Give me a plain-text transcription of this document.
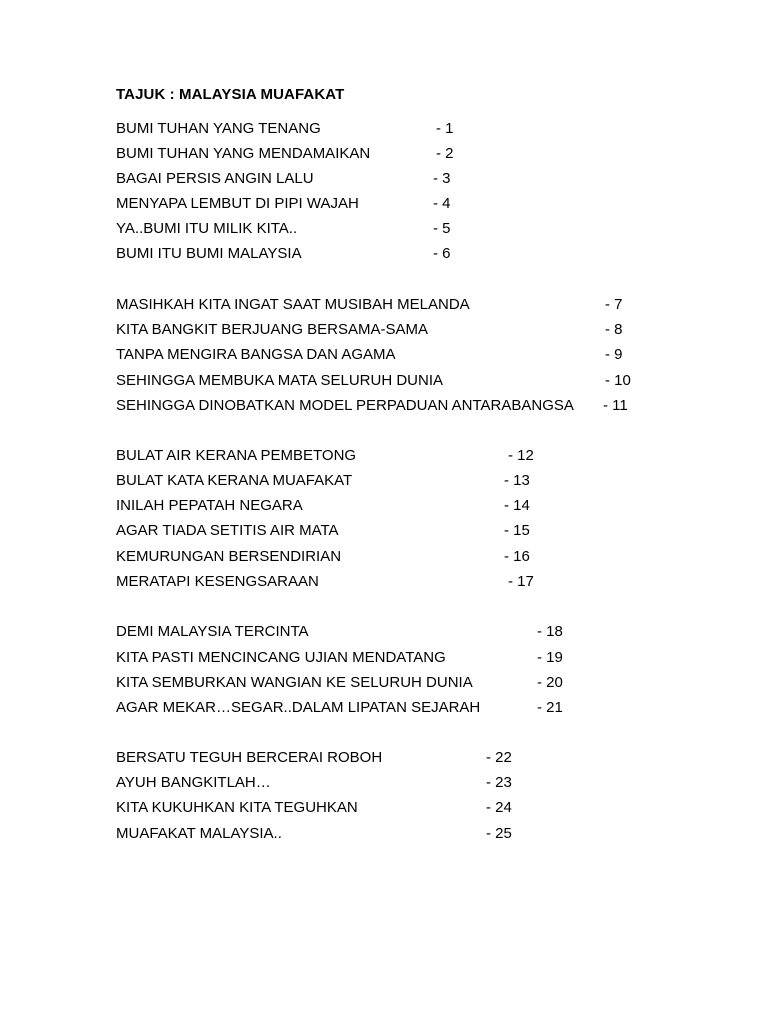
TAJUK : MALAYSIA MUAFAKAT
BUMI TUHAN YANG TENANG	- 1
BUMI TUHAN YANG MENDAMAIKAN	- 2
BAGAI PERSIS ANGIN LALU	- 3
MENYAPA LEMBUT DI PIPI WAJAH	- 4
YA..BUMI ITU MILIK KITA..	- 5
BUMI ITU BUMI MALAYSIA	- 6
MASIHKAH KITA INGAT SAAT MUSIBAH MELANDA	- 7
KITA BANGKIT BERJUANG BERSAMA-SAMA	- 8
TANPA MENGIRA BANGSA DAN AGAMA	- 9
SEHINGGA MEMBUKA MATA SELURUH DUNIA	- 10
SEHINGGA DINOBATKAN MODEL PERPADUAN ANTARABANGSA - 11
BULAT AIR KERANA PEMBETONG	- 12
BULAT KATA KERANA MUAFAKAT	- 13
INILAH PEPATAH NEGARA	- 14
AGAR TIADA SETITIS AIR MATA	- 15
KEMURUNGAN BERSENDIRIAN	- 16
MERATAPI KESENGSARAAN	- 17
DEMI MALAYSIA TERCINTA	- 18
KITA PASTI MENCINCANG UJIAN MENDATANG	- 19
KITA SEMBURKAN WANGIAN KE SELURUH DUNIA	- 20
AGAR MEKAR…SEGAR..DALAM LIPATAN SEJARAH	- 21
BERSATU TEGUH BERCERAI ROBOH	- 22
AYUH BANGKITLAH…	- 23
KITA KUKUHKAN KITA TEGUHKAN	- 24
MUAFAKAT MALAYSIA..	- 25
